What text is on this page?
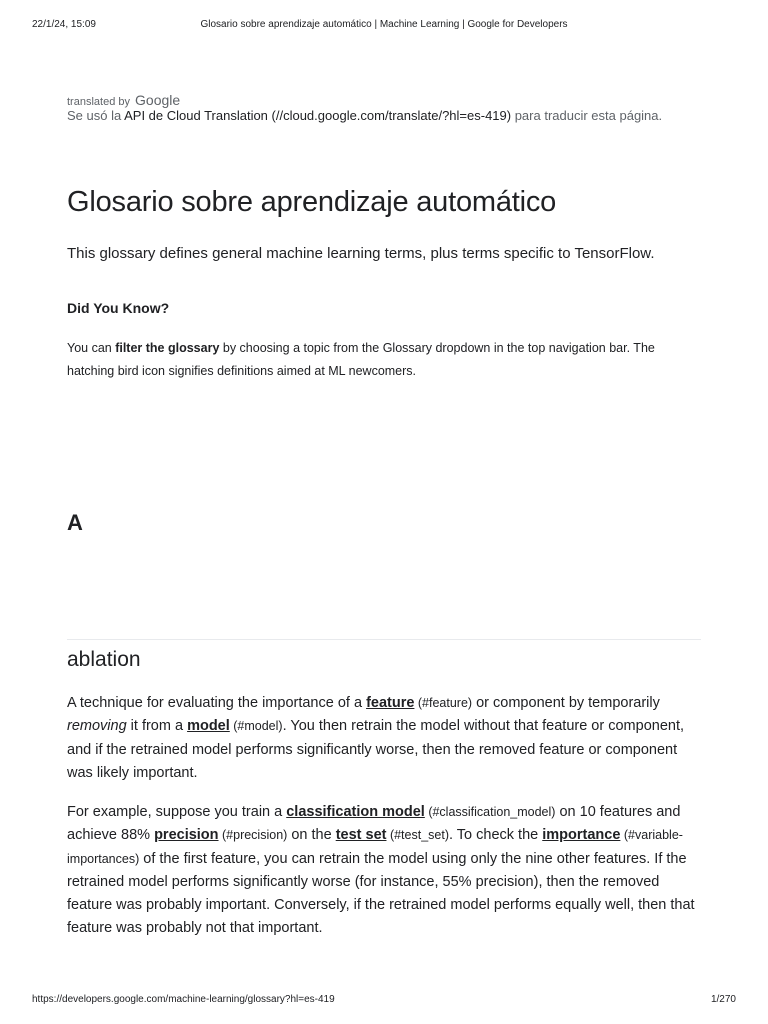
22/1/24, 15:09	Glosario sobre aprendizaje automático | Machine Learning | Google for Developers
translated by Google
Se usó la API de Cloud Translation (//cloud.google.com/translate/?hl=es-419) para traducir esta página.
Glosario sobre aprendizaje automático
This glossary defines general machine learning terms, plus terms specific to TensorFlow.
Did You Know?
You can filter the glossary by choosing a topic from the Glossary dropdown in the top navigation bar. The hatching bird icon signifies definitions aimed at ML newcomers.
A
ablation

A technique for evaluating the importance of a feature (#feature) or component by temporarily removing it from a model (#model). You then retrain the model without that feature or component, and if the retrained model performs significantly worse, then the removed feature or component was likely important.

For example, suppose you train a classification model (#classification_model) on 10 features and achieve 88% precision (#precision) on the test set (#test_set). To check the importance (#variable-importances) of the first feature, you can retrain the model using only the nine other features. If the retrained model performs significantly worse (for instance, 55% precision), then the removed feature was probably important. Conversely, if the retrained model performs equally well, then that feature was probably not that important.

https://developers.google.com/machine-learning/glossary?hl=es-419	1/270
